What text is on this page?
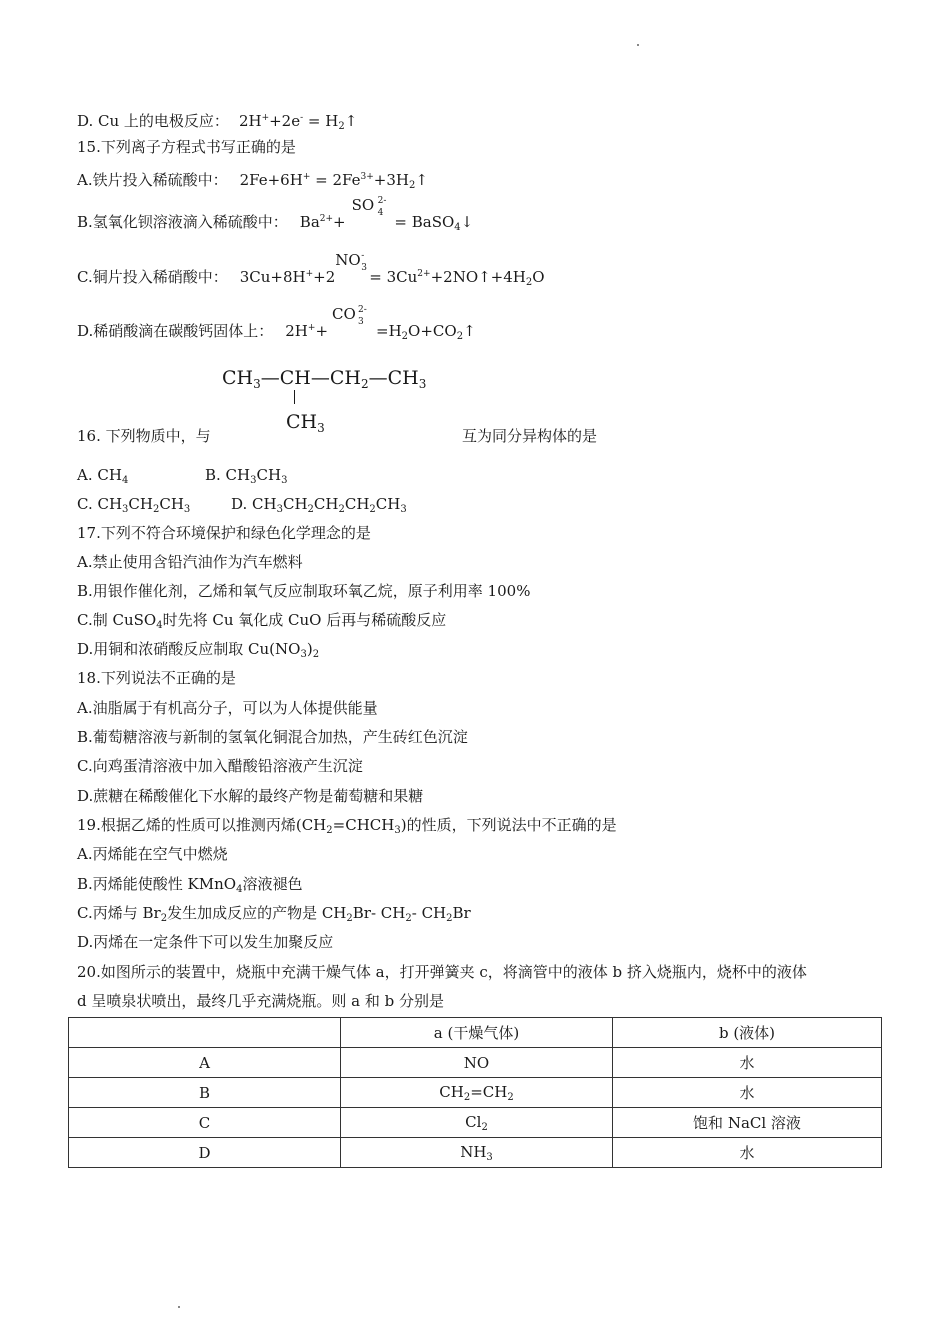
D. Cu 上的电极反应： $2H^++2e^- = H_2↑$
15.下列离子方程式书写正确的是
A.铁片投入稀硫酸中： $2Fe+6H^+ = 2Fe^{3+}+3H_2↑$
B.氢氧化钡溶液滴入稀硫酸中： $Ba^{2+}+$
SO 2-
4 = BaSO$_4$↓
C.铜片投入稀硝酸中： 3Cu+8H++2
NO -
$3 = 3Cu^{2+}+2NO↑+4H_2O$
D.稀硝酸滴在碳酸钙固体上： 2H++
CO 2-
$3 =H_2O+CO_2↑$
$CH_3—CH—CH_2—CH_3$
$CH_3$
16. 下列物质中，与	互为同分异构体的是
A. $CH_4$	B. $CH_3CH_3$
C. $CH_3CH_2CH_3$	D. $CH_3CH_2CH_2CH_2CH_3$
17.下列不符合环境保护和绿色化学理念的是
A.禁止使用含铅汽油作为汽车燃料
B.用银作催化剂，乙烯和氧气反应制取环氧乙烷，原子利用率 100%
C.制 CuSO$_4$时先将 Cu 氧化成 CuO 后再与稀硫酸反应
D.用铜和浓硝酸反应制取 $Cu(NO_3)_2$
18.下列说法不正确的是
A.油脂属于有机高分子，可以为人体提供能量
B.葡萄糖溶液与新制的氢氧化铜混合加热，产生砖红色沉淀
C.向鸡蛋清溶液中加入醋酸铅溶液产生沉淀
D.蔗糖在稀酸催化下水解的最终产物是葡萄糖和果糖
19.根据乙烯的性质可以推测丙烯$(CH_2=CHCH_3)$的性质，下列说法中不正确的是
A.丙烯能在空气中燃烧
B.丙烯能使酸性 KMnO$_4$溶液褪色
C.丙烯与 $Br_2$发生加成反应的产物是 $CH_2Br-$ $CH_2-$ $CH_2Br$
D.丙烯在一定条件下可以发生加聚反应
20.如图所示的装置中，烧瓶中充满干燥气体 a，打开弹簧夹 c，将滴管中的液体 b 挤入烧瓶内，烧杯中的液体
d 呈喷泉状喷出，最终几乎充满烧瓶。则 a 和 b 分别是
	a (干燥气体)	b (液体)
A	NO	水
B	$CH_2=CH_2$	水
C	$Cl_2$	饱和 NaCl 溶液
D	$NH_3$	水
